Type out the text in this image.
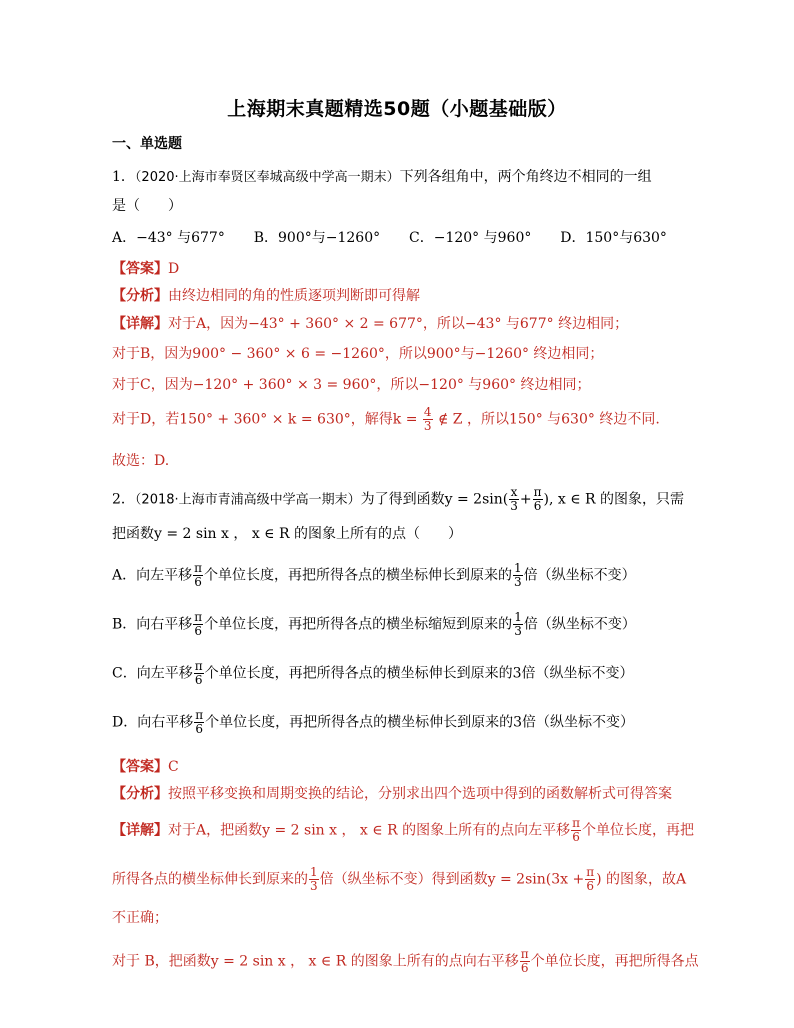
上海期末真题精选50题（小题基础版）
一、单选题
1．（2020·上海市奉贤区奉城高级中学高一期末）下列各组角中，两个角终边不相同的一组
是（　　）
A．−43° 与677° B．900°与−1260° C．−120° 与960° D．150°与630°
【答案】D
【分析】由终边相同的角的性质逐项判断即可得解
【详解】对于A，因为−43° + 360° × 2 = 677°，所以−43° 与677° 终边相同；
对于B，因为900° − 360° × 6 = −1260°，所以900°与−1260° 终边相同；
对于C，因为−120° + 360° × 3 = 960°，所以−120° 与960° 终边相同；
对于D，若150° + 360° × k = 630°，解得$k = \frac{4}{3}$ ∉ Z ，所以150° 与630° 终边不同.
故选：D.
2．（2018·上海市青浦高级中学高一期末）为了得到函数$y = 2\sin( \frac{x}{3} + \frac{\pi}{6}$ ), x ∈ R 的图象，只需
把函数y = 2 sin x ， x ∈ R 的图象上所有的点（　　）
A．向左平移 $\frac{\pi}{6}$ 个单位长度，再把所得各点的横坐标伸长到原来的 $\frac{1}{3}$ 倍（纵坐标不变）
B．向右平移 $\frac{\pi}{6}$ 个单位长度，再把所得各点的横坐标缩短到原来的 $\frac{1}{3}$ 倍（纵坐标不变）
C．向左平移 $\frac{\pi}{6}$ 个单位长度，再把所得各点的横坐标伸长到原来的3倍（纵坐标不变）
D．向右平移 $\frac{\pi}{6}$ 个单位长度，再把所得各点的横坐标伸长到原来的3倍（纵坐标不变）
【答案】C
【分析】按照平移变换和周期变换的结论，分别求出四个选项中得到的函数解析式可得答案
【详解】对于A，把函数y = 2 sin x ， x ∈ R 的图象上所有的点向左平移 $\frac{\pi}{6}$ 个单位长度，再把
所得各点的横坐标伸长到原来的 $\frac{1}{3}$ 倍（纵坐标不变）得到函数$y = 2\sin(3x + \frac{\pi}{6}$ ) 的图象，故A
不正确；
对于 B，把函数y = 2 sin x ， x ∈ R 的图象上所有的点向右平移 $\frac{\pi}{6}$ 个单位长度，再把所得各点
